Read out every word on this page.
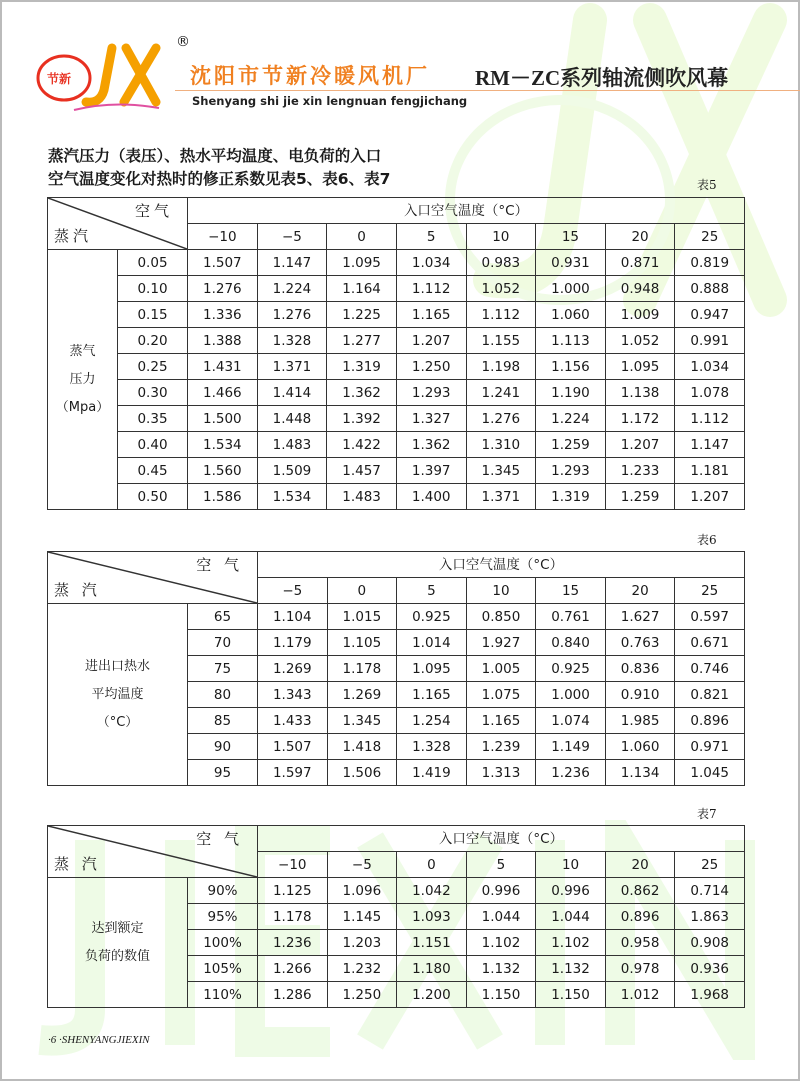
节新
®
沈阳市节新冷暖风机厂 RM－ZC系列轴流侧吹风幕
Shenyang shi jie xin lengnuan fengjichang
蒸汽压力（表压）、热水平均温度、电负荷的入口
空气温度变化对热时的修正系数见表5、表6、表7	表5
空气
蒸汽		入口空气温度（°C）							
		−10	−5	0	5	10	15	20	25
蒸气
压力
（Mpa）	0.05	1.507	1.147	1.095	1.034	0.983	0.931	0.871	0.819
	0.10	1.276	1.224	1.164	1.112	1.052	1.000	0.948	0.888
	0.15	1.336	1.276	1.225	1.165	1.112	1.060	1.009	0.947
	0.20	1.388	1.328	1.277	1.207	1.155	1.113	1.052	0.991
	0.25	1.431	1.371	1.319	1.250	1.198	1.156	1.095	1.034
	0.30	1.466	1.414	1.362	1.293	1.241	1.190	1.138	1.078
	0.35	1.500	1.448	1.392	1.327	1.276	1.224	1.172	1.112
	0.40	1.534	1.483	1.422	1.362	1.310	1.259	1.207	1.147
	0.45	1.560	1.509	1.457	1.397	1.345	1.293	1.233	1.181
	0.50	1.586	1.534	1.483	1.400	1.371	1.319	1.259	1.207
表6
空 气
蒸 汽		入口空气温度（°C）						
		−5	0	5	10	15	20	25
进出口热水
平均温度
（°C）	65	1.104	1.015	0.925	0.850	0.761	1.627	0.597
	70	1.179	1.105	1.014	1.927	0.840	0.763	0.671
	75	1.269	1.178	1.095	1.005	0.925	0.836	0.746
	80	1.343	1.269	1.165	1.075	1.000	0.910	0.821
	85	1.433	1.345	1.254	1.165	1.074	1.985	0.896
	90	1.507	1.418	1.328	1.239	1.149	1.060	0.971
	95	1.597	1.506	1.419	1.313	1.236	1.134	1.045
表7
空 气
蒸 汽		入口空气温度（°C）						
		−10	−5	0	5	10	20	25
达到额定
负荷的数值	90%	1.125	1.096	1.042	0.996	0.996	0.862	0.714
	95%	1.178	1.145	1.093	1.044	1.044	0.896	1.863
	100%	1.236	1.203	1.151	1.102	1.102	0.958	0.908
	105%	1.266	1.232	1.180	1.132	1.132	0.978	0.936
	110%	1.286	1.250	1.200	1.150	1.150	1.012	1.968
·6 ·SHENYANGJIEXIN
